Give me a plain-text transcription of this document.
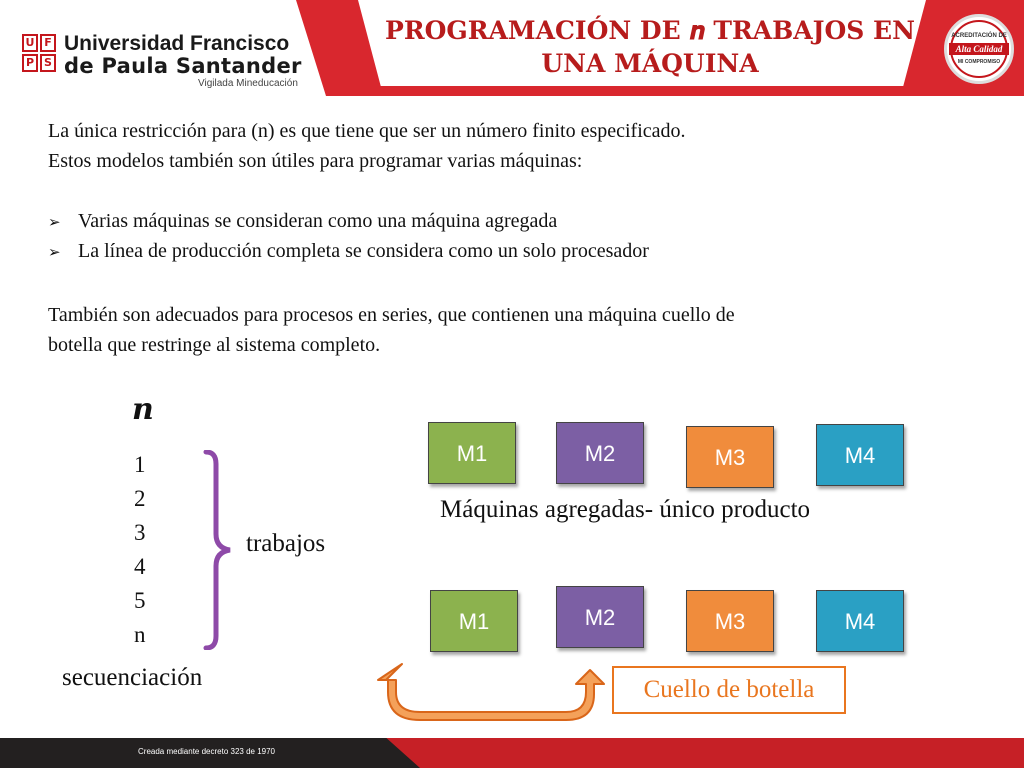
U F
P S
Universidad Francisco
de Paula Santander
Vigilada Mineducación
PROGRAMACIÓN DE 𝒏 TRABAJOS EN
UNA MÁQUINA
ACREDITACIÓN DE
Alta Calidad
MI COMPROMISO
La única restricción para (n) es que tiene que ser un número finito especificado.
Estos modelos también son útiles para programar varias máquinas:
➢ Varias máquinas se consideran como una máquina agregada
➢ La línea de producción completa se considera como un solo procesador
También son adecuados para procesos en series, que contienen una máquina cuello de
botella que restringe al sistema completo.
𝒏
1
2
3
4
5
n
trabajos
secuenciación
M1	M2	M3	M4
Máquinas agregadas- único producto
M1	M2	M3	M4
Cuello de botella
Creada mediante decreto 323 de 1970
